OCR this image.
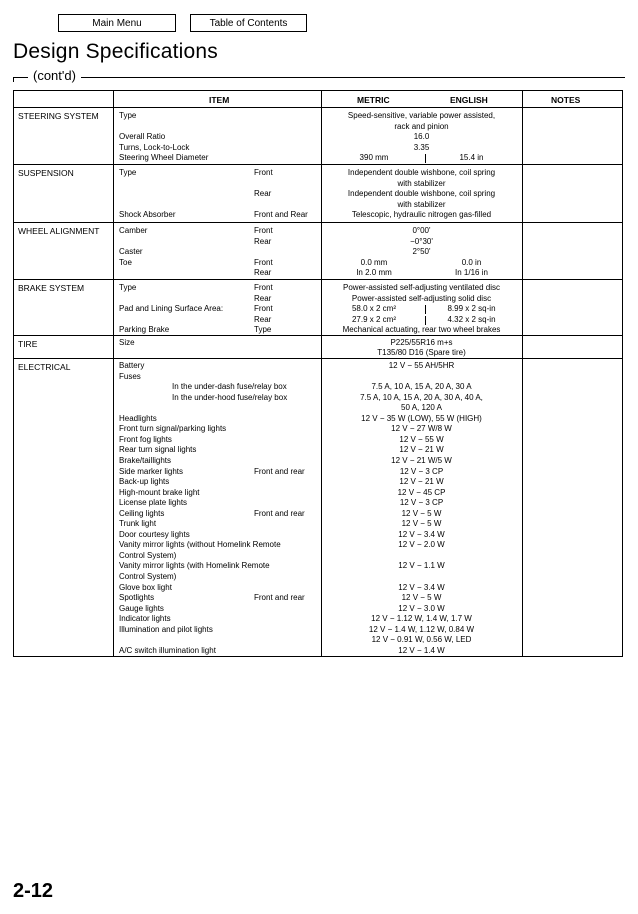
Main Menu	Table of Contents
Design Specifications
(cont'd)
ITEM	METRIC	ENGLISH	NOTES
STEERING SYSTEM	Type	Speed-sensitive, variable power assisted,
rack and pinion
Overall Ratio	16.0
Turns, Lock-to-Lock	3.35
Steering Wheel Diameter	390 mm	15.4 in
SUSPENSION	Type	Front	Independent double wishbone, coil spring
with stabilizer
Rear	Independent double wishbone, coil spring
with stabilizer
Shock Absorber	Front and Rear	Telescopic, hydraulic nitrogen gas-filled
WHEEL ALIGNMENT Camber	Front	0°00'
Rear	−0°30'
Caster	2°50'
Toe	Front	0.0 mm	0.0 in
Rear	In 2.0 mm	In 1/16 in
BRAKE SYSTEM	Type	Front	Power-assisted self-adjusting ventilated disc
Rear	Power-assisted self-adjusting solid disc
Pad and Lining Surface Area:	Front	58.0 x 2 cm²	8.99 x 2 sq-in
Rear	27.9 x 2 cm²	4.32 x 2 sq-in
Parking Brake	Type	Mechanical actuating, rear two wheel brakes
TIRE	Size	P225/55R16 m+s
T135/80 D16 (Spare tire)
ELECTRICAL	Battery	12 V − 55 AH/5HR
Fuses
In the under-dash fuse/relay box	7.5 A, 10 A, 15 A, 20 A, 30 A
In the under-hood fuse/relay box	7.5 A, 10 A, 15 A, 20 A, 30 A, 40 A,
50 A, 120 A
Headlights	12 V − 35 W (LOW), 55 W (HIGH)
Front turn signal/parking lights	12 V − 27 W/8 W
Front fog lights	12 V − 55 W
Rear turn signal lights	12 V − 21 W
Brake/taillights	12 V − 21 W/5 W
Side marker lights	Front and rear	12 V − 3 CP
Back-up lights	12 V − 21 W
High-mount brake light	12 V − 45 CP
License plate lights	12 V − 3 CP
Ceiling lights	Front and rear	12 V − 5 W
Trunk light	12 V − 5 W
Door courtesy lights	12 V − 3.4 W
Vanity mirror lights (without Homelink Remote	12 V − 2.0 W
Control System)
Vanity mirror lights (with Homelink Remote	12 V − 1.1 W
Control System)
Glove box light	12 V − 3.4 W
Spotlights	Front and rear	12 V − 5 W
Gauge lights	12 V − 3.0 W
Indicator lights	12 V − 1.12 W, 1.4 W, 1.7 W
Illumination and pilot lights	12 V − 1.4 W, 1.12 W, 0.84 W
12 V − 0.91 W, 0.56 W, LED
A/C switch illumination light	12 V − 1.4 W
2-12
